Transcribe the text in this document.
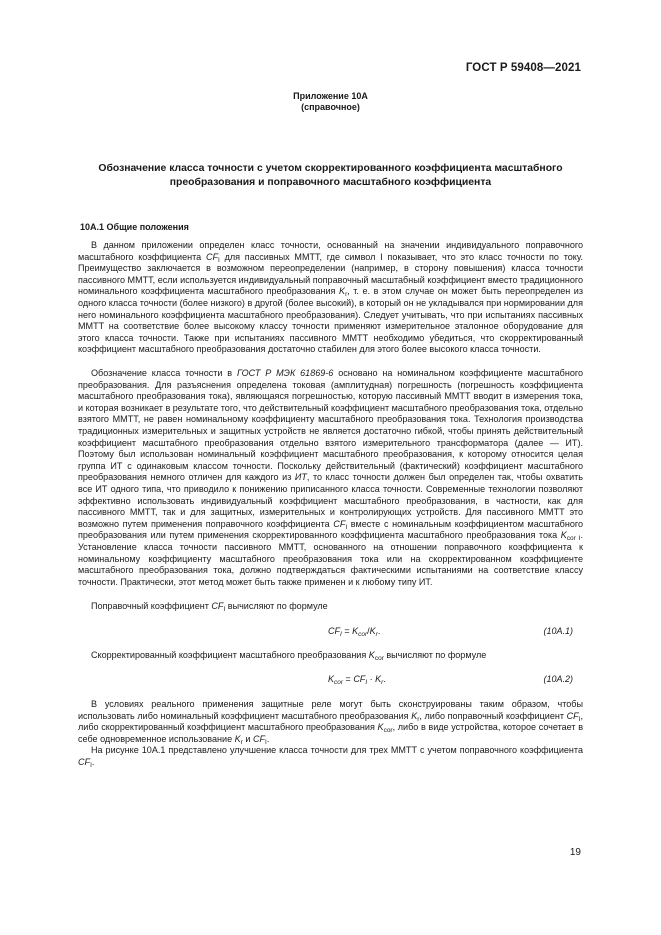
ГОСТ Р 59408—2021
Приложение 10А
(справочное)
Обозначение класса точности с учетом скорректированного коэффициента масштабного
преобразования и поправочного масштабного коэффициента
10А.1 Общие положения

В данном приложении определен класс точности, основанный на значении индивидуального поправочного масштабного коэффициента $CF_I$ для пассивных ММТТ, где символ I показывает, что это класс точности по току. Преимущество заключается в возможном переопределении (например, в сторону повышения) класса точности пассивного ММТТ, если используется индивидуальный поправочный масштабный коэффициент вместо традиционного номинального коэффициента масштабного преобразования $K_r$, т. е. в этом случае он может быть переопределен из одного класса точности (более низкого) в другой (более высокий), в который он не укладывался при нормировании для него номинального коэффициента масштабного преобразования). Следует учитывать, что при испытаниях пассивных ММТТ на соответствие более высокому классу точности применяют измерительное эталонное оборудование для этого класса точности. Также при испытаниях пассивного ММТТ необходимо убедиться, что скорректированный коэффициент масштабного преобразования достаточно стабилен для этого более высокого класса точности.

Обозначение класса точности в ГОСТ Р МЭК 61869-6 основано на номинальном коэффициенте масштабного преобразования. Для разъяснения определена токовая (амплитудная) погрешность (погрешность коэффициента масштабного преобразования тока), являющаяся погрешностью, которую пассивный ММТТ вводит в измерения тока, и которая возникает в результате того, что действительный коэффициент масштабного преобразования тока, отдельно взятого ММТТ, не равен номинальному коэффициенту масштабного преобразования тока. Технология производства традиционных измерительных и защитных устройств не является достаточно гибкой, чтобы принять действительный коэффициент масштабного преобразования отдельно взятого измерительного трансформатора (далее — ИТ). Поэтому был использован номинальный коэффициент масштабного преобразования, к которому относится целая группа ИТ с одинаковым классом точности. Поскольку действительный (фактический) коэффициент масштабного преобразования немного отличен для каждого из ИТ, то класс точности должен был определен так, чтобы охватить все ИТ одного типа, что приводило к понижению приписанного класса точности. Современные технологии позволяют эффективно использовать индивидуальный коэффициент масштабного преобразования, в частности, как для пассивного ММТТ, так и для защитных, измерительных и контролирующих устройств. Для пассивного ММТТ это возможно путем применения поправочного коэффициента $CF_I$ вместе с номинальным коэффициентом масштабного преобразования или путем применения скорректированного коэффициента масштабного преобразования тока $K_{cor I}$. Установление класса точности пассивного ММТТ, основанного на отношении поправочного коэффициента к номинальному коэффициенту масштабного преобразования тока или на скорректированном коэффициенте масштабного преобразования тока, должно подтверждаться фактическими испытаниями на соответствие классу точности. Практически, этот метод может быть также применен и к любому типу ИТ.

Поправочный коэффициент $CF_I$ вычисляют по формуле

$CF_I = K_{cor}/K_r$.	(10А.1)

Скорректированный коэффициент масштабного преобразования $K_{cor}$ вычисляют по формуле

$K_{cor} = CF_I \cdot K_r$.	(10А.2)

В условиях реального применения защитные реле могут быть сконструированы таким образом, чтобы использовать либо номинальный коэффициент масштабного преобразования $K_r$, либо поправочный коэффициент $CF_I$, либо скорректированный коэффициент масштабного преобразования $K_{cor}$, либо в виде устройства, которое сочетает в себе одновременное использование $K_r$ и $CF_I$.

На рисунке 10А.1 представлено улучшение класса точности для трех ММТТ с учетом поправочного коэффициента $CF_I$.

19
